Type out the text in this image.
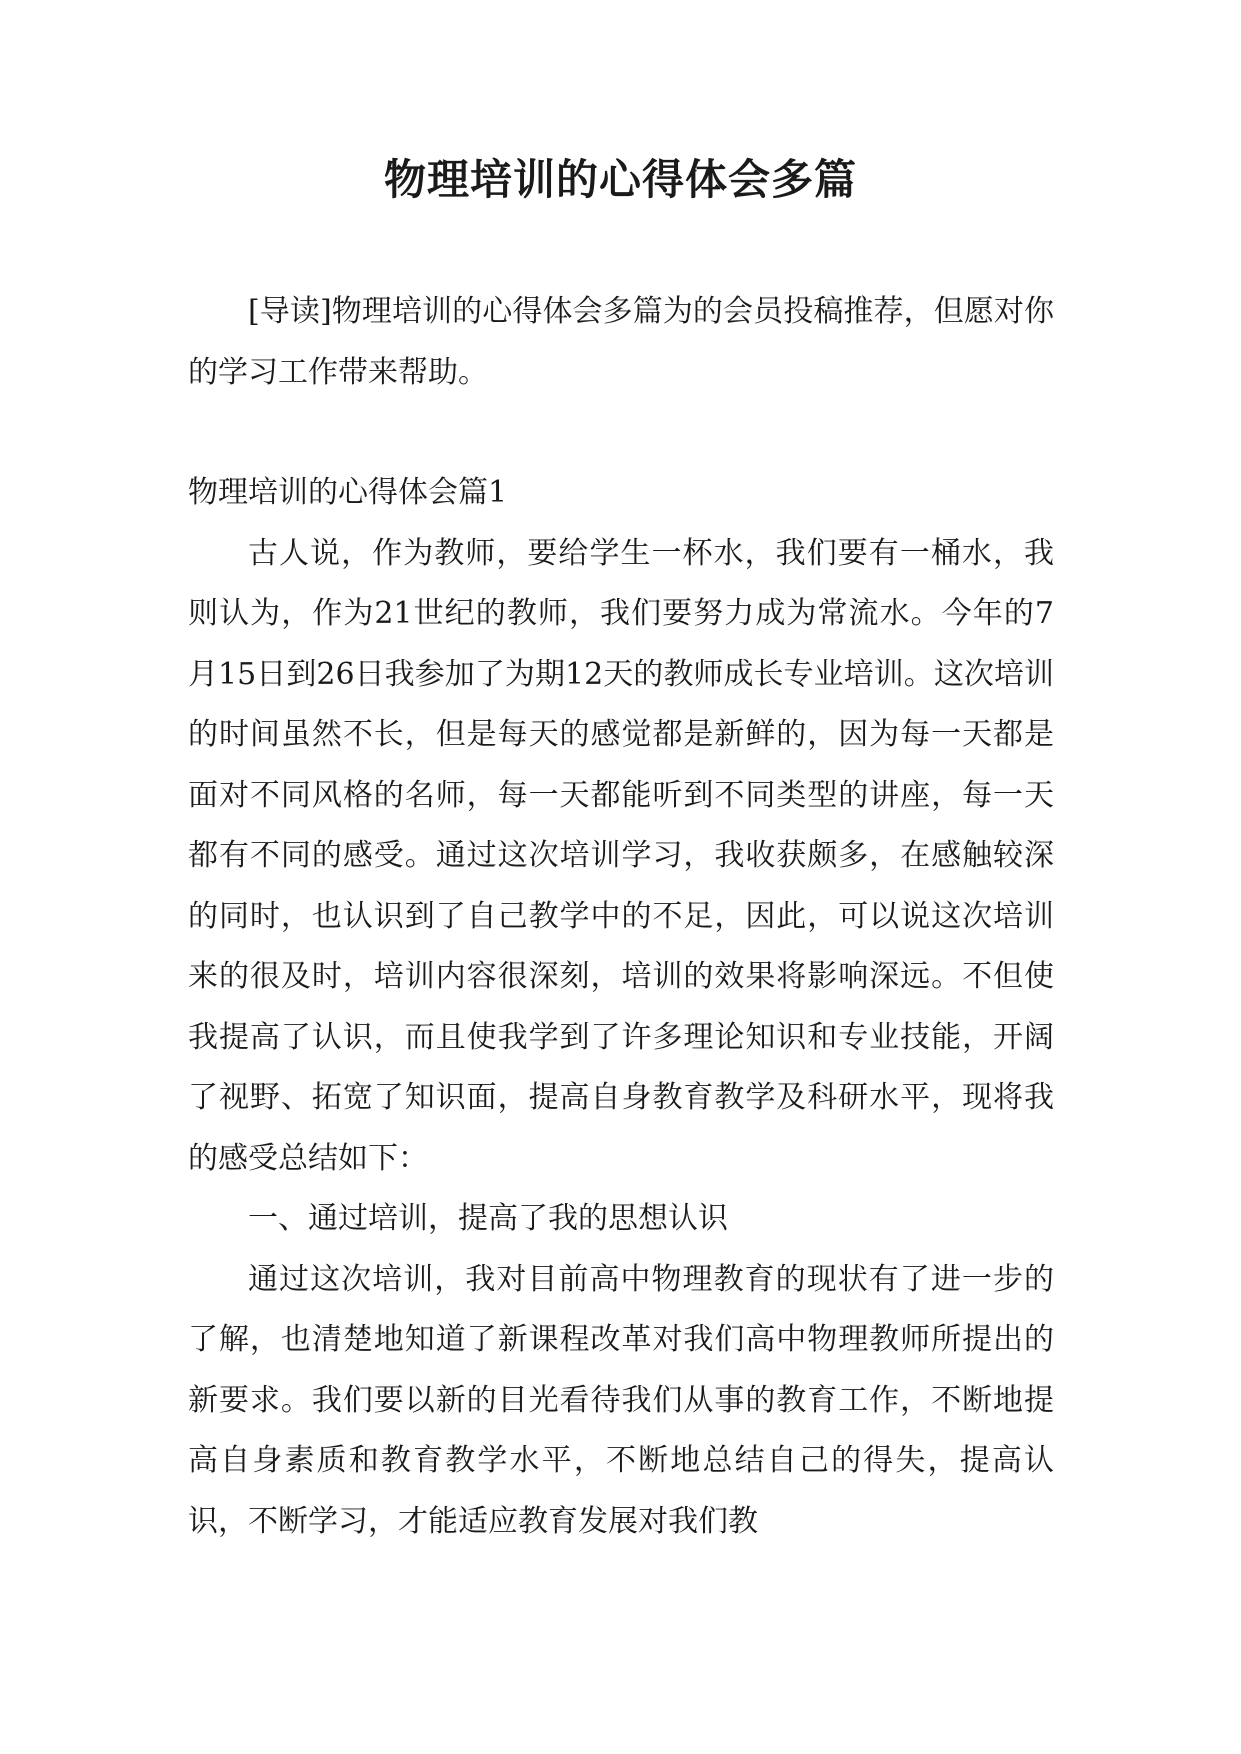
物理培训的心得体会多篇

[导读]物理培训的心得体会多篇为的会员投稿推荐，但愿对你的学习工作带来帮助。

物理培训的心得体会篇1

古人说，作为教师，要给学生一杯水，我们要有一桶水，我则认为，作为21世纪的教师，我们要努力成为常流水。今年的7月15日到26日我参加了为期12天的教师成长专业培训。这次培训的时间虽然不长，但是每天的感觉都是新鲜的，因为每一天都是面对不同风格的名师，每一天都能听到不同类型的讲座，每一天都有不同的感受。通过这次培训学习，我收获颇多，在感触较深的同时，也认识到了自己教学中的不足，因此，可以说这次培训来的很及时，培训内容很深刻，培训的效果将影响深远。不但使我提高了认识，而且使我学到了许多理论知识和专业技能，开阔了视野、拓宽了知识面，提高自身教育教学及科研水平，现将我的感受总结如下：

一、通过培训，提高了我的思想认识

通过这次培训，我对目前高中物理教育的现状有了进一步的了解，也清楚地知道了新课程改革对我们高中物理教师所提出的新要求。我们要以新的目光看待我们从事的教育工作，不断地提高自身素质和教育教学水平，不断地总结自己的得失，提高认识，不断学习，才能适应教育发展对我们教
